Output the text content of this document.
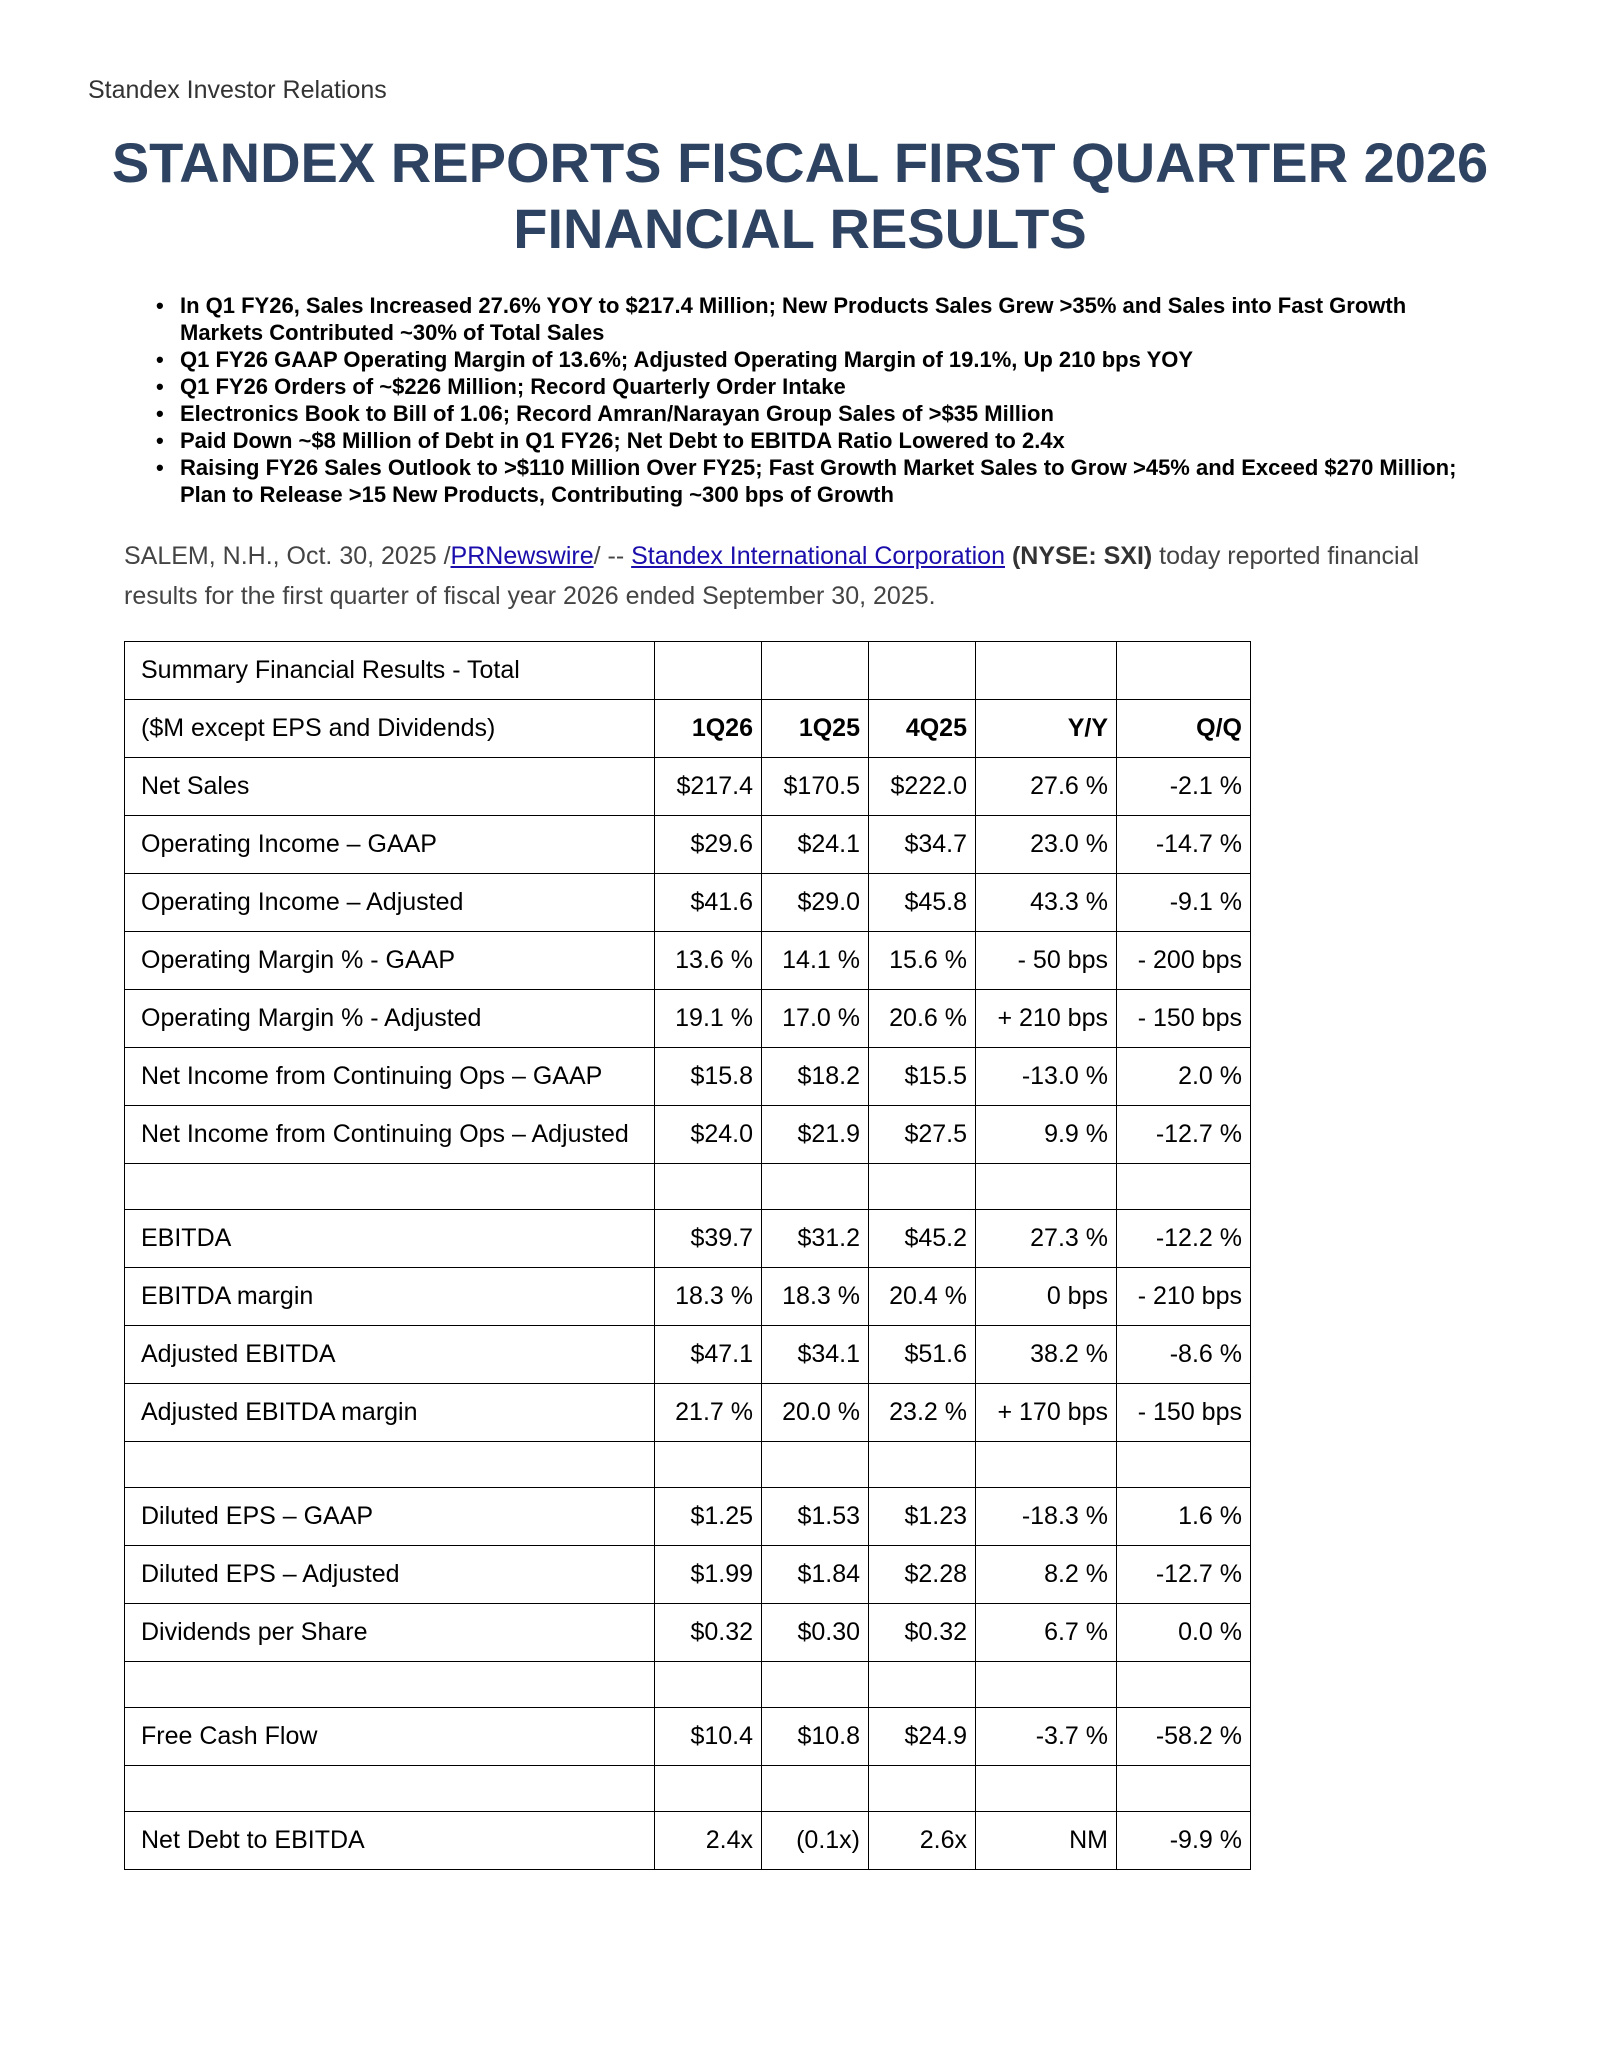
Standex Investor Relations
STANDEX REPORTS FISCAL FIRST QUARTER 2026 FINANCIAL RESULTS
• In Q1 FY26, Sales Increased 27.6% YOY to $217.4 Million; New Products Sales Grew >35% and Sales into Fast Growth Markets Contributed ~30% of Total Sales
• Q1 FY26 GAAP Operating Margin of 13.6%; Adjusted Operating Margin of 19.1%, Up 210 bps YOY
• Q1 FY26 Orders of ~$226 Million; Record Quarterly Order Intake
• Electronics Book to Bill of 1.06; Record Amran/Narayan Group Sales of >$35 Million
• Paid Down ~$8 Million of Debt in Q1 FY26; Net Debt to EBITDA Ratio Lowered to 2.4x
• Raising FY26 Sales Outlook to >$110 Million Over FY25; Fast Growth Market Sales to Grow >45% and Exceed $270 Million; Plan to Release >15 New Products, Contributing ~300 bps of Growth
SALEM, N.H., Oct. 30, 2025 /PRNewswire/ -- Standex International Corporation (NYSE: SXI) today reported financial results for the first quarter of fiscal year 2026 ended September 30, 2025.
Summary Financial Results - Total					
($M except EPS and Dividends)	1Q26	1Q25	4Q25	Y/Y	Q/Q
Net Sales	$217.4	$170.5	$222.0	27.6 %	-2.1 %
Operating Income – GAAP	$29.6	$24.1	$34.7	23.0 %	-14.7 %
Operating Income – Adjusted	$41.6	$29.0	$45.8	43.3 %	-9.1 %
Operating Margin % - GAAP	13.6 %	14.1 %	15.6 %	- 50 bps	- 200 bps
Operating Margin % - Adjusted	19.1 %	17.0 %	20.6 %	+ 210 bps	- 150 bps
Net Income from Continuing Ops – GAAP	$15.8	$18.2	$15.5	-13.0 %	2.0 %
Net Income from Continuing Ops – Adjusted	$24.0	$21.9	$27.5	9.9 %	-12.7 %

EBITDA	$39.7	$31.2	$45.2	27.3 %	-12.2 %
EBITDA margin	18.3 %	18.3 %	20.4 %	0 bps	- 210 bps
Adjusted EBITDA	$47.1	$34.1	$51.6	38.2 %	-8.6 %
Adjusted EBITDA margin	21.7 %	20.0 %	23.2 %	+ 170 bps	- 150 bps

Diluted EPS – GAAP	$1.25	$1.53	$1.23	-18.3 %	1.6 %
Diluted EPS – Adjusted	$1.99	$1.84	$2.28	8.2 %	-12.7 %
Dividends per Share	$0.32	$0.30	$0.32	6.7 %	0.0 %

Free Cash Flow	$10.4	$10.8	$24.9	-3.7 %	-58.2 %

Net Debt to EBITDA	2.4x	(0.1x)	2.6x	NM	-9.9 %
